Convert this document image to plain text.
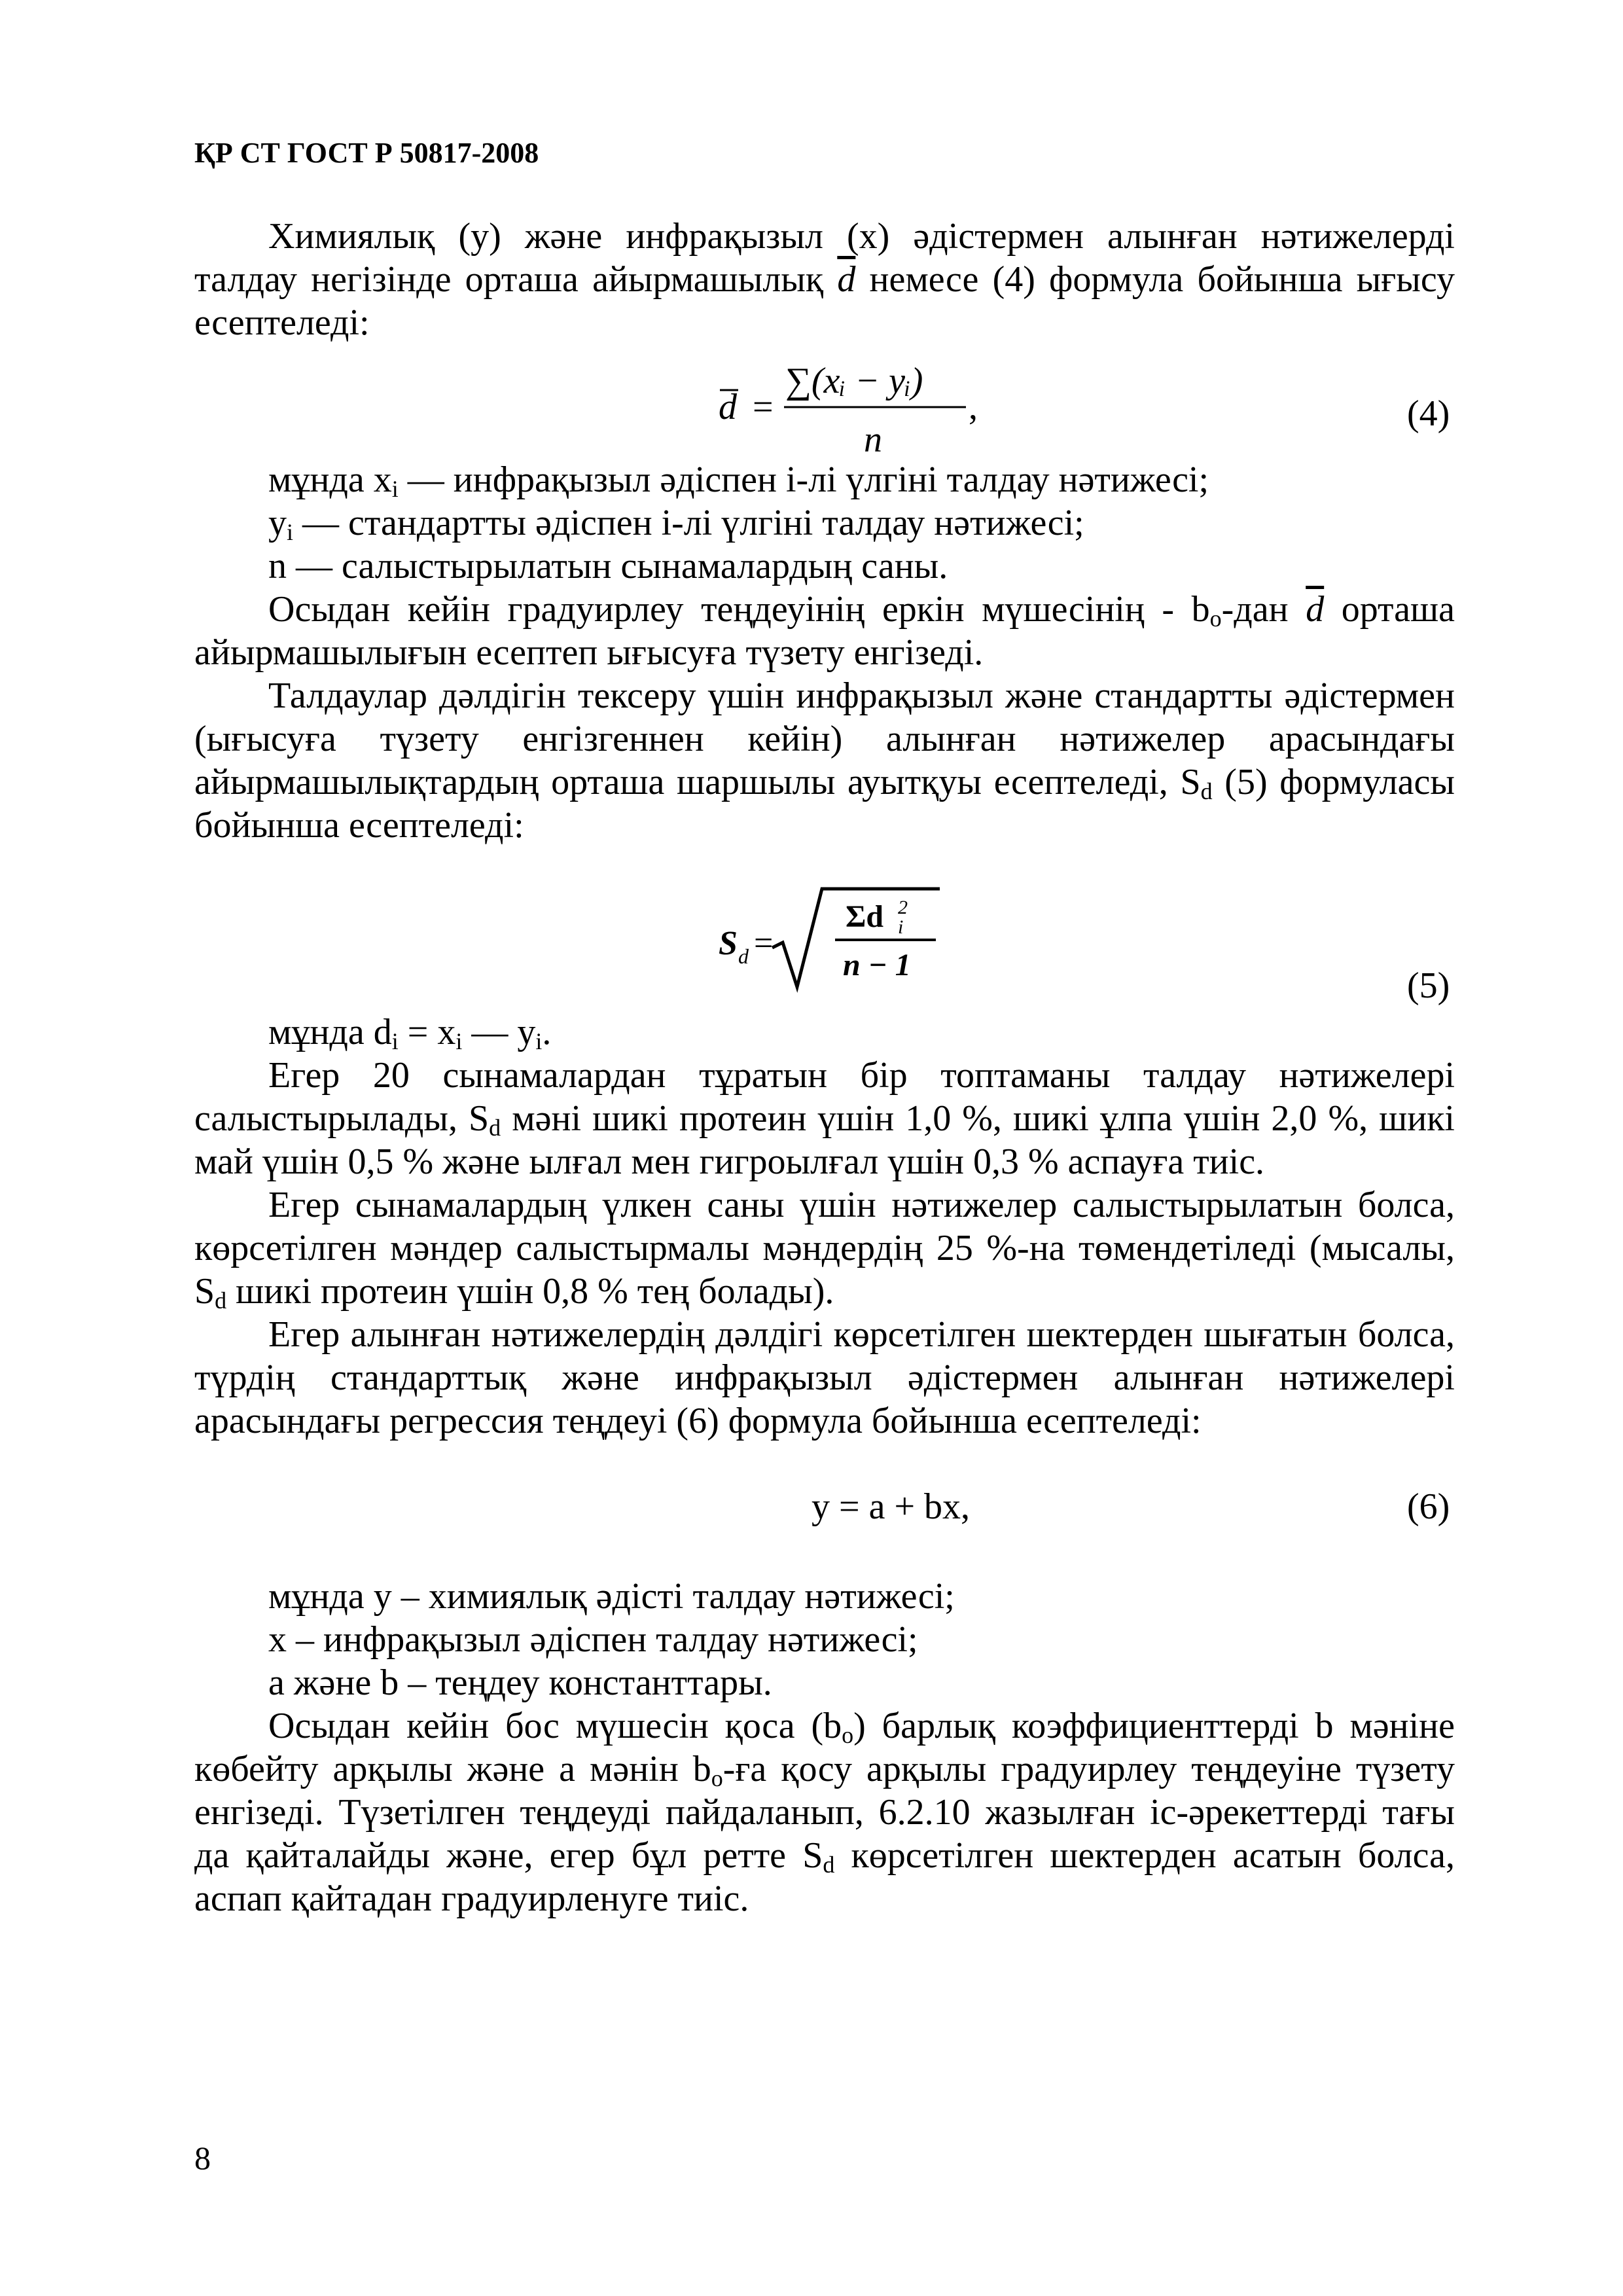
ҚР СТ ГОСТ Р 50817-2008

Химиялық (у) және инфрақызыл (х) әдістермен алынған нәтижелерді талдау негізінде орташа айырмашылық $\overline{d}$ немесе (4) формула бойынша ығысу есептеледі:

d =
∑(xᵢ − yᵢ)
n
,	(4)
мұнда $x_i$ — инфрақызыл әдіспен і-лі үлгіні талдау нәтижесі;
$y_i$ — стандартты әдіспен і-лі үлгіні талдау нәтижесі;
n — салыстырылатын сынамалардың саны.

Осыдан кейін градуирлеу теңдеуінің еркін мүшесінің - $b_o$-дан $\overline{d}$ орташа айырмашылығын есептеп ығысуға түзету енгізеді.

Талдаулар дәлдігін тексеру үшін инфрақызыл және стандартты әдістермен (ығысуға түзету енгізгеннен кейін) алынған нәтижелер арасындағы айырмашылықтардың орташа шаршылы ауытқуы есептеледі, $S_d$ (5) формуласы бойынша есептеледі:

S d =
Σd 2
i
n − 1
(5)
мұнда $d_i = x_i$ — $y_i$.

Егер 20 сынамалардан тұратын бір топтаманы талдау нәтижелері салыстырылады, $S_d$ мәні шикі протеин үшін 1,0 %, шикі ұлпа үшін 2,0 %, шикі май үшін 0,5 % және ылғал мен гигроылғал үшін 0,3 % аспауға тиіс.

Егер сынамалардың үлкен саны үшін нәтижелер салыстырылатын болса, көрсетілген мәндер салыстырмалы мәндердің 25 %-на төмендетіледі (мысалы, $S_d$ шикі протеин үшін 0,8 % тең болады).

Егер алынған нәтижелердің дәлдігі көрсетілген шектерден шығатын болса, түрдің стандарттық және инфрақызыл әдістермен алынған нәтижелері арасындағы регрессия теңдеуі (6) формула бойынша есептеледі:

y = a + bx,	(6)
мұнда у – химиялық әдісті талдау нәтижесі;
х – инфрақызыл әдіспен талдау нәтижесі;
a және b – теңдеу константтары.

Осыдан кейін бос мүшесін қоса $(b_o)$ барлық коэффициенттерді b мәніне көбейту арқылы және а мәнін $b_o-ға$ қосу арқылы градуирлеу теңдеуіне түзету енгізеді. Түзетілген теңдеуді пайдаланып, 6.2.10 жазылған іс-әрекеттерді тағы да қайталайды және, егер бұл ретте $S_d$ көрсетілген шектерден асатын болса, аспап қайтадан градуирленуге тиіс.

8
